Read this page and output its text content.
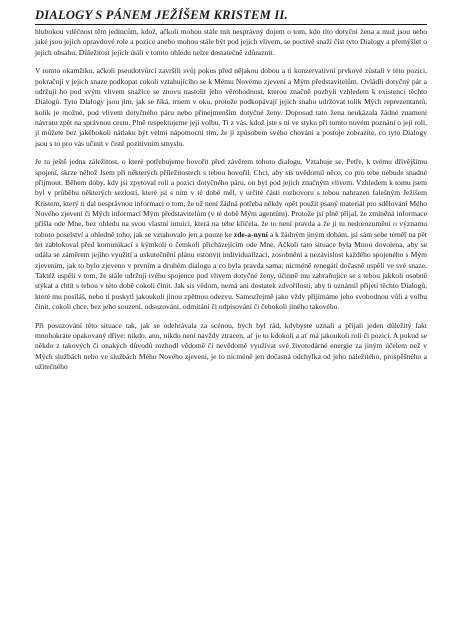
DIALOGY S PÁNEM JEŽÍŠEM KRISTEM II.

hlubokou vděčnost těm jedincům, kdož, ačkoli mohou stále mít nesprávný dojem o tom, kdo tito dotyční žena a muž jsou nebo jaké jsou jejich opravdové role a pozice anebo mohou stále být pod jejich vlivem, se poctivě snaží číst tyto Dialogy a přemýšlet o jejich obsahu. Důležitost jejich úsilí v tomto ohledu nelze dostatečně zdůraznit.

V tomto okamžiku, ačkoli pseudotvůrci završili svůj pokus před nějakou dobou a ti konzervativní prvkové zůstali v této pozici, pokračují v jejich snaze podkopat cokoli vztahujícího se k Mému Novému zjevení a Mým představitelům. Ovládli dotyčný pár a udržují ho pod svým vlivem snažíce se znovu nastolit jeho věrohodnost, kterou značně pozbyli vzhledem k existenci těchto Dialogů. Tyto Dialogy jsou jim, jak se říká, trnem v oku, protože podkopávají jejich snahu udržovat tolik Mých reprezentantů, kolik je možné, pod vlivem dotyčného páru nebo přinejmenším dotyčné ženy. Doposud tato žena neukázala žádné znamení návratu zpět na správnou cestu. Plně respektujeme její volbu. Ti z vás, kdož jste s ní ve styku při tomto novém poznání o její roli, jí můžete bez jakéhokoli nátlaku být velmi nápomocni tím, že jí způsobem svého chování a postoje zobrazíte, co tyto Dialogy jsou s to pro vás učinit v čistě pozitivním smyslu.

Je tu ještě jedna záležitost, o které potřebujeme hovořit před závěrem tohoto dialogu. Vztahuje se, Petře, k tvému dřívějšímu spojení, skrze něhož Jsem při některých příležitostech s tebou hovořil. Chci, aby sis uvědomil něco, co pro tebe nebude snadné přijmout. Během doby, kdy jsi zpytoval roli a pozici dotyčného páru, on byl pod jejich značným vlivem. Vzhledem k tomu jsem byl v průběhu některých sezlostí, které jsi s ním v té době měl, v určité části rozhovoru s tebou nahrazen falešným Ježíšem Kristem, který ti dal nesprávnou informaci o tom, že už není žádná potřeba někdy opět použít psaný materiál pro sdělování Mého Nového zjevení či Mých informací Mým představitelům (v té době Mým agentům). Protože jsi plně přijal, že zmíněná informace přišla ode Mne, bez ohledu na svou vlastní intuici, která na tebe křičela, že to není pravda a že ji tu nedorozumění o významu tohoto poselství a ohledně toho, jak se vztahovalo jen a pouze ke zde-a-nyní a k žádným jiným dobám, jsi sám sebe téměř na pět let zablokoval před komunikací s kýmkoli o čemkoli přicházejícím ode Mne. Ačkoli tato situace byla Mnou dovolena, aby se udála se záměrem jejího využití a uskutečnění plánu estonvit individualizaci, zosobnění a nezávislost každého spojeného s Mým zjevením, jak to bylo zjeveno v prvním a druhém dialogu a co byla pravda sama; nicméně renegáti dočasně uspěli ve své snaze. Taktéž uspěli v tom, že stále udržují tvého spojence pod vlivem dotyčné ženy, účinně mu zabraňujíce se s tebou jakkoli osobně stýkat a chtít s tebou v této době cokoli činit. Jak sis vědom, nemá ani dostatek zdvořilosti, aby ti oznámil přijetí těchto Dialogů, které mu posíláš, nebo ti poskytl jakoukoli jinou zpětnou odezvu. Samozřejmě jako vždy přijímáme jeho svobodnou vůli a volbu činit, cokoli chce, bez jeho souzení, odsuzování, odmítání či odpisování či čehokoli jiného takového.

Při posuzování této situace tak, jak se odehrávala za scénou, bych byl rád, kdybyste uznali a přijali jeden důležitý fakt mnohokráte opakovaný dříve: nikdo, ano, nikdo není navždy ztracen, ať je to kdokoli a ať má jakoukoli roli či pozici. A pokud se někdo z takových či onakých důvodů rozhodl vědomě či nevědomě využívat své životodárné energie za jiným účelem než v Mých službách nebo ve službách Mého Nového zjevení, je to nicméně jen dočasná odchylka od jeho náležitého, prospěšného a užitečného
